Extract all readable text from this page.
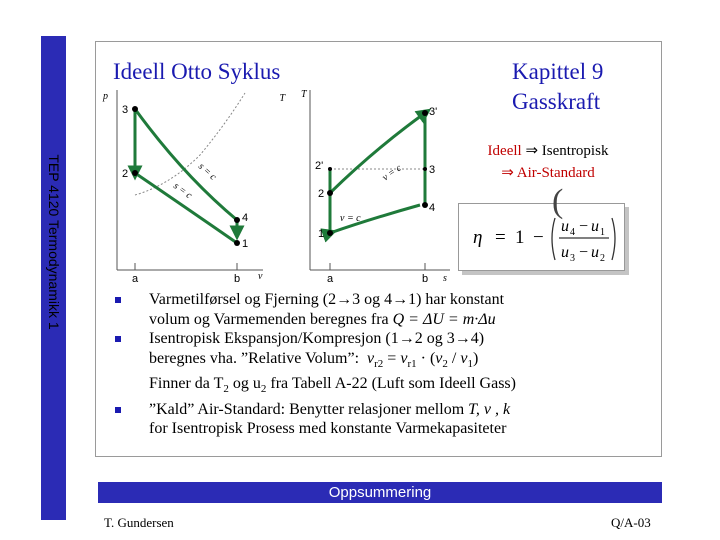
TEP 4120 Termodynamikk 1
Ideell Otto Syklus	Kapittel 9
Gasskraft
p
v
T
3
2
4
1
s = c
s = c
a	b
T
s
1
2
2'	3
3'
4
v = c
v = c
a	b
Ideell ⇒ Isentropisk
⇒ Air-Standard
η = 1 −
(
u 4 − u 1
u 3 − u 2
Varmetilførsel og Fjerning (2→3 og 4→1) har konstant
volum og Varmemenden beregnes fra Q = ΔU = m·Δu
Isentropisk Ekspansjon/Kompresjon (1→2 og 3→4)
beregnes vha. ”Relative Volum”: $v_{r2} = v_{r1} \cdot (v_2 / v_1)$
Finner da $T_2$ og $u_2$ fra Tabell A-22 (Luft som Ideell Gass)
”Kald” Air-Standard: Benytter relasjoner mellom T, v , k
for Isentropisk Prosess med konstante Varmekapasiteter
Oppsummering
T. Gundersen	Q/A-03
